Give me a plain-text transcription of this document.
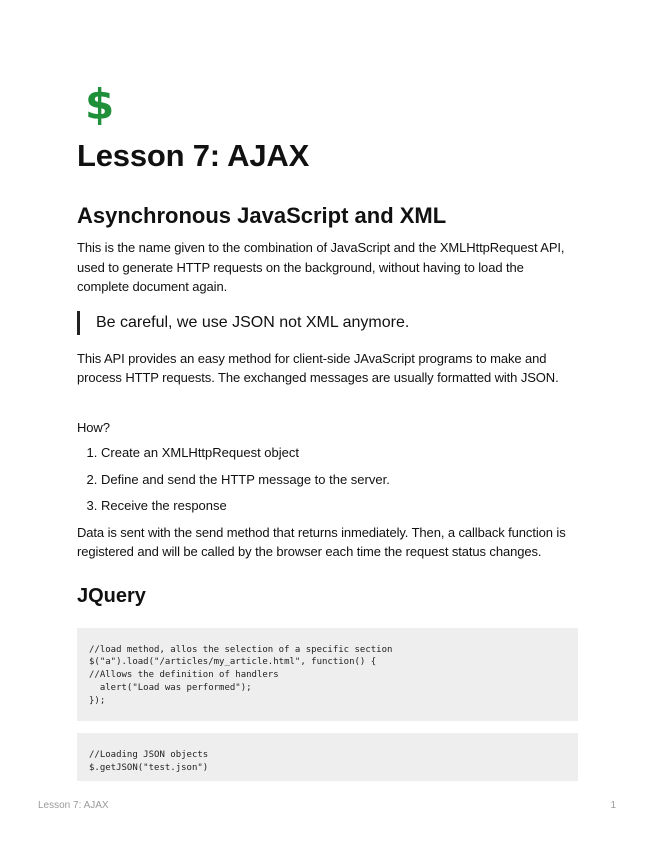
$
Lesson 7: AJAX
Asynchronous JavaScript and XML

This is the name given to the combination of JavaScript and the XMLHttpRequest API, used to generate HTTP requests on the background, without having to load the complete document again.

Be careful, we use JSON not XML anymore.

This API provides an easy method for client-side JAvaScript programs to make and process HTTP requests. The exchanged messages are usually formatted with JSON.

How?

1. Create an XMLHttpRequest object
2. Define and send the HTTP message to the server.
3. Receive the response

Data is sent with the send method that returns inmediately. Then, a callback function is registered and will be called by the browser each time the request status changes.

JQuery
//load method, allos the selection of a specific section
$("a").load("/articles/my_article.html", function() {
//Allows the definition of handlers
alert("Load was performed");
});
//Loading JSON objects
$.getJSON("test.json")
Lesson 7: AJAX	1
